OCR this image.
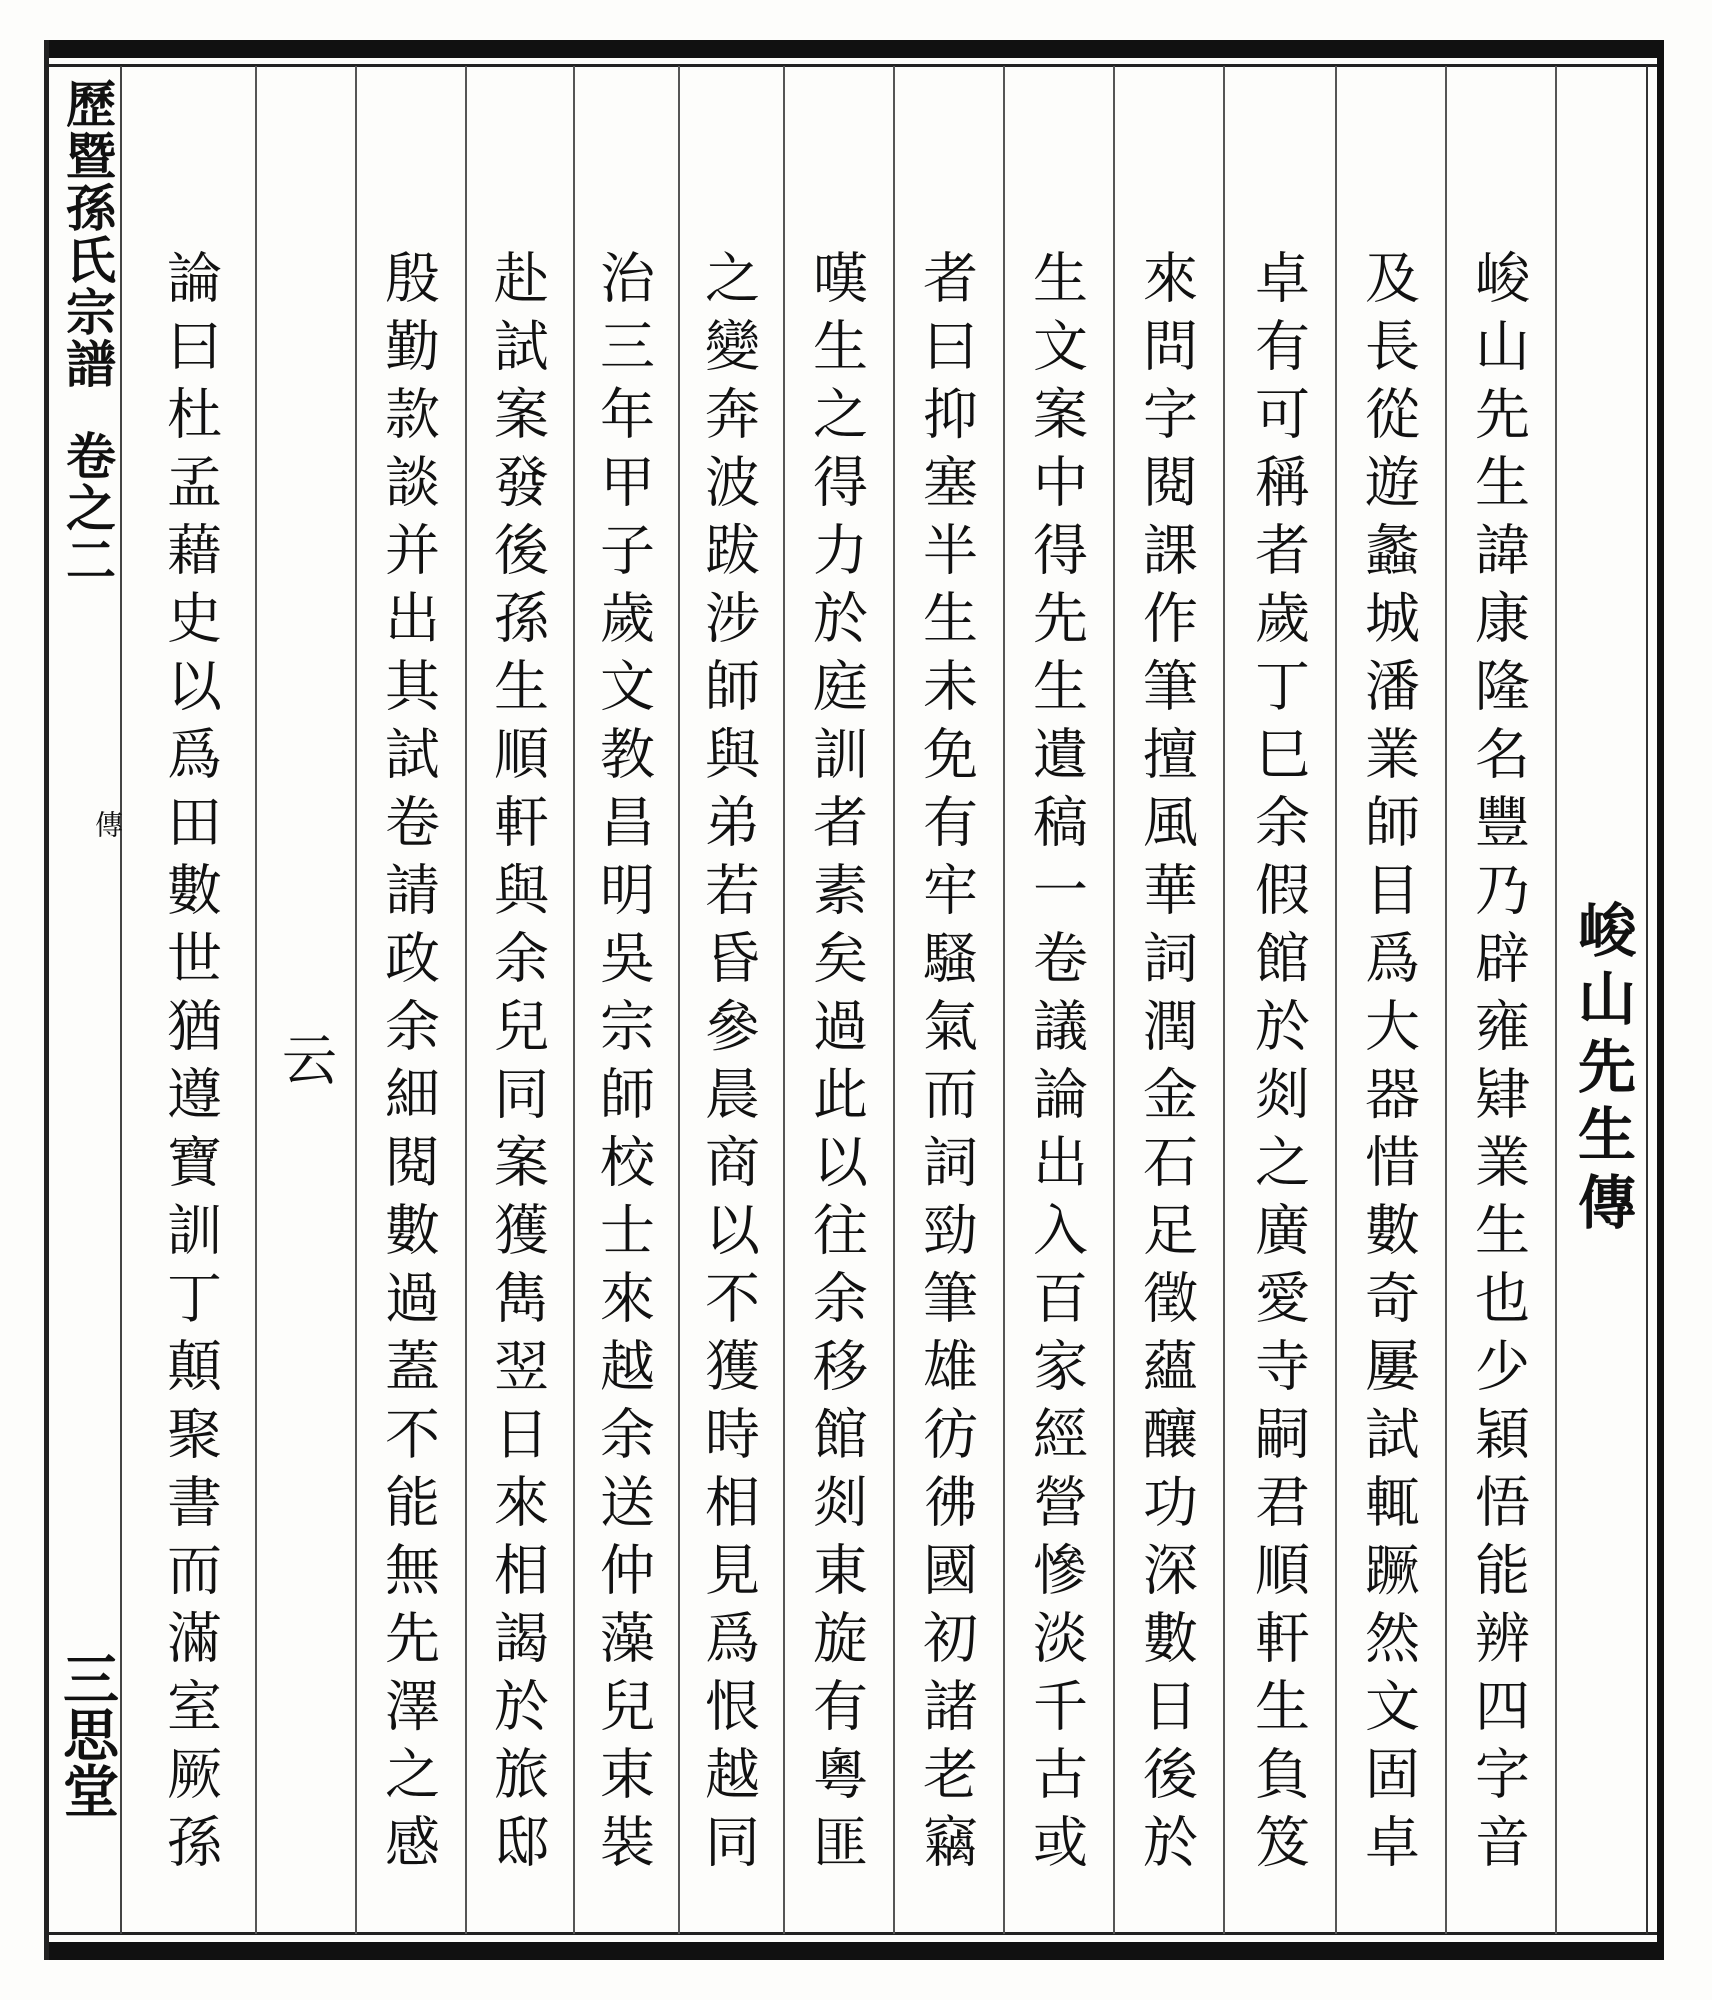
歷暨孫氏宗譜
卷之二
傳
三思堂
峻山先生傳
峻山先生諱康隆名豐乃辟雍肄業生也少穎悟能辨四字音
及長從遊蠡城潘業師目爲大器惜數奇屢試輒蹶然文固卓
卓有可稱者歲丁巳余假館於剡之廣愛寺嗣君順軒生負笈
來問字閱課作筆擅風華詞潤金石足徵蘊釀功深數日後於
生文案中得先生遺稿一卷議論出入百家經營慘淡千古或
者曰抑塞半生未免有牢騷氣而詞勁筆雄彷彿國初諸老竊
嘆生之得力於庭訓者素矣過此以往余移館剡東旋有粵匪
之變奔波跋涉師與弟若昏參晨商以不獲時相見爲恨越同
治三年甲子歲文教昌明吳宗師校士來越余送仲藻兒束裝
赴試案發後孫生順軒與余兒同案獲雋翌日來相謁於旅邸
殷勤款談并出其試卷請政余細閱數過蓋不能無先澤之感
云
論曰杜孟藉史以爲田數世猶遵寶訓丁顛聚書而滿室厥孫
